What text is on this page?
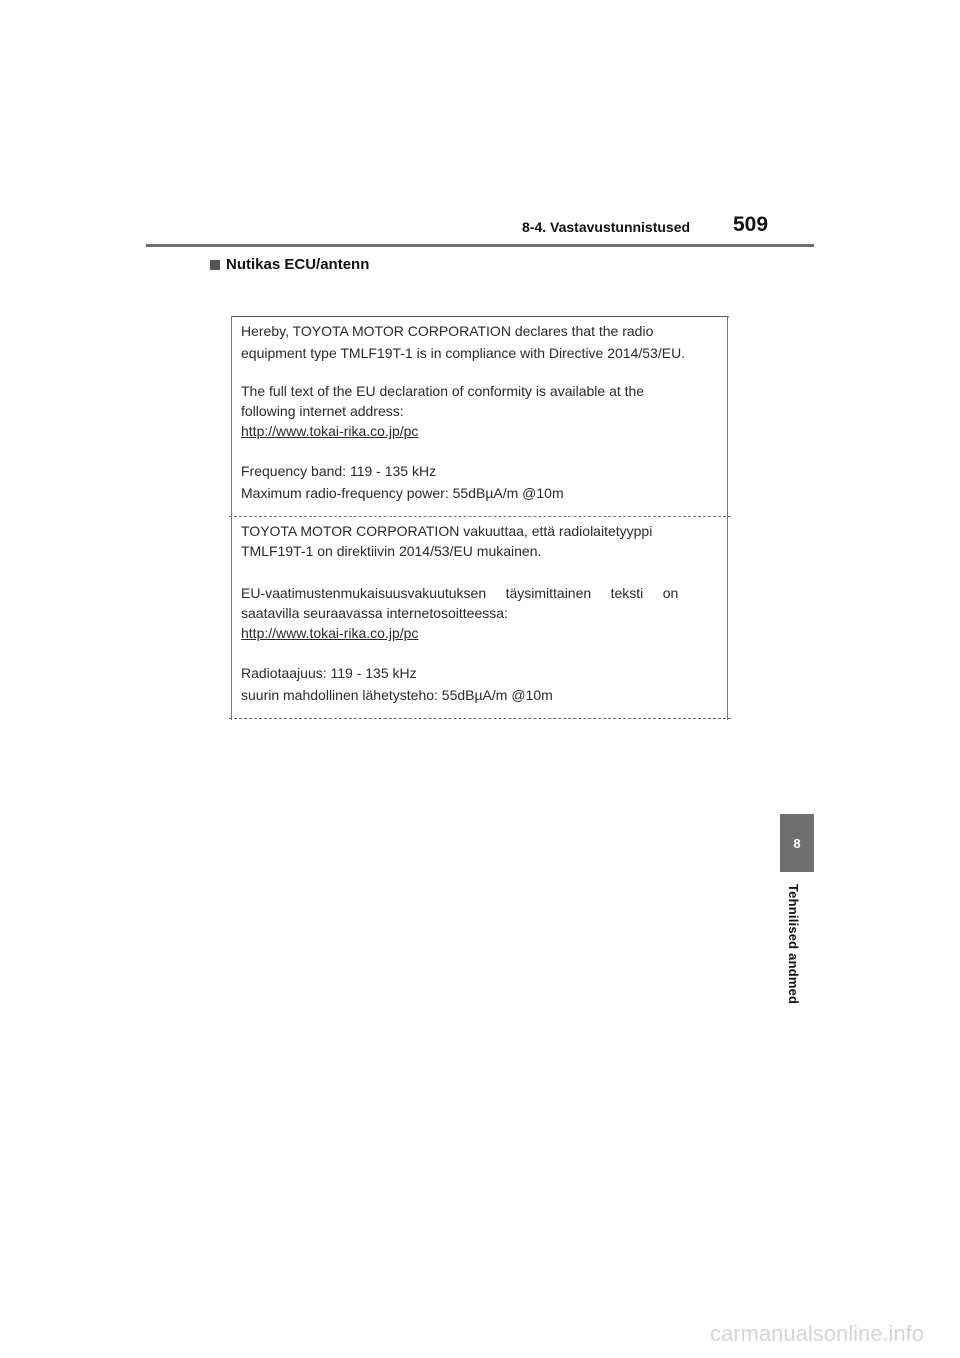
8-4. Vastavustunnistused 509
Nutikas ECU/antenn
Hereby, TOYOTA MOTOR CORPORATION declares that the radio
equipment type TMLF19T-1 is in compliance with Directive 2014/53/EU.
The full text of the EU declaration of conformity is available at the
following internet address:
http://www.tokai-rika.co.jp/pc
Frequency band: 119 - 135 kHz
Maximum radio-frequency power: 55dBµA/m @10m
TOYOTA MOTOR CORPORATION vakuuttaa, että radiolaitetyyppi
TMLF19T-1 on direktiivin 2014/53/EU mukainen.
EU-vaatimustenmukaisuusvakuutuksen     täysimittainen     teksti     on
saatavilla seuraavassa internetosoitteessa:
http://www.tokai-rika.co.jp/pc
Radiotaajuus: 119 - 135 kHz
suurin mahdollinen lähetysteho: 55dBµA/m @10m
8
Tehnilised andmed
carmanualsonline.info
